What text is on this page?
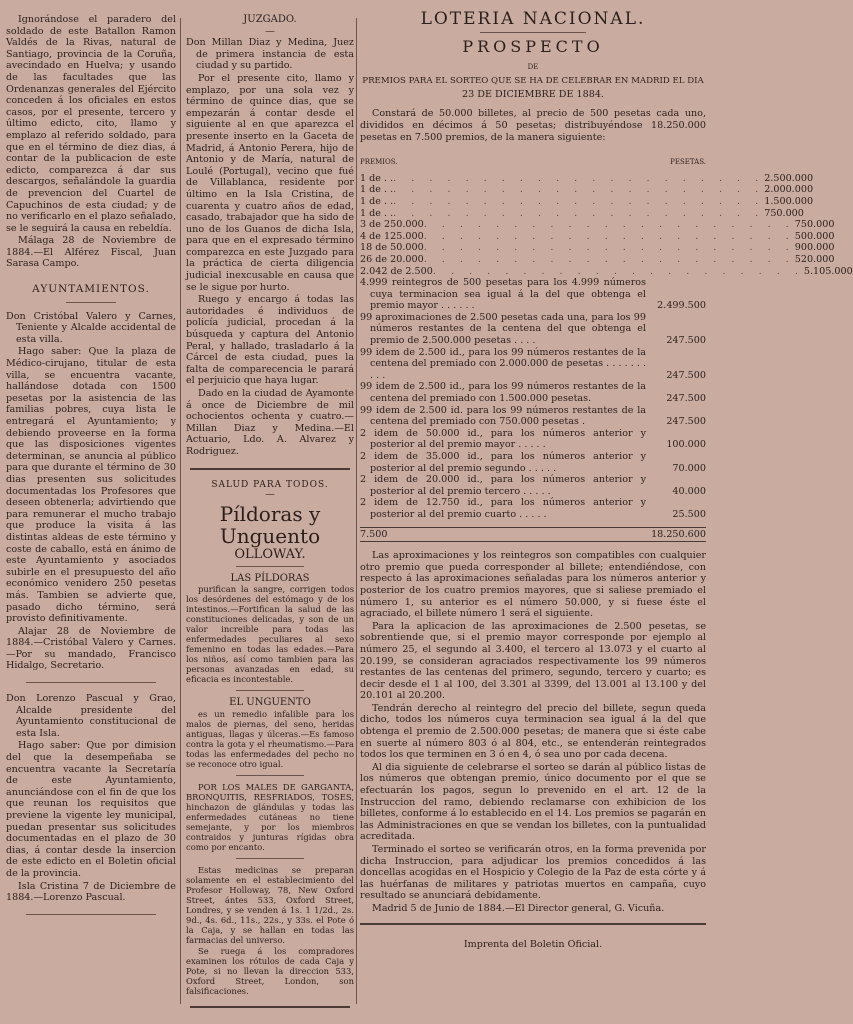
Ignorándose el paradero del soldado de este Batallon Ramon Valdés de la Rivas, natural de Santiago, provincia de la Coruña, avecindado en Huelva; y usando de las facultades que las Ordenanzas generales del Ejército conceden á los oficiales en estos casos, por el presente, tercero y último edicto, cito, llamo y emplazo al referido soldado, para que en el término de diez dias, á contar de la publicacion de este edicto, comparezca á dar sus descargos, señalándole la guardia de prevencion del Cuartel de Capuchinos de esta ciudad; y de no verificarlo en el plazo señalado, se le seguirá la causa en rebeldía.

Málaga 28 de Noviembre de 1884.—El Alférez Fiscal, Juan Sarasa Campo.

AYUNTAMIENTOS.

Don Cristóbal Valero y Carnes, Teniente y Alcalde accidental de esta villa.

Hago saber: Que la plaza de Médico-cirujano, titular de esta villa, se encuentra vacante, hallándose dotada con 1500 pesetas por la asistencia de las familias pobres, cuya lista le entregará el Ayuntamiento; y debiendo proveerse en la forma que las disposiciones vigentes determinan, se anuncia al público para que durante el término de 30 dias presenten sus solicitudes documentadas los Profesores que deseen obtenerla; advirtiendo que para remunerar el mucho trabajo que produce la visita á las distintas aldeas de este término y coste de caballo, está en ánimo de este Ayuntamiento y asociados subirle en el presupuesto del año económico venidero 250 pesetas más. Tambien se advierte que, pasado dicho término, será provisto definitivamente.

Alajar 28 de Noviembre de 1884.—Cristóbal Valero y Carnes.—Por su mandado, Francisco Hidalgo, Secretario.

Don Lorenzo Pascual y Grao, Alcalde presidente del Ayuntamiento constitucional de esta Isla.

Hago saber: Que por dimision del que la desempeñaba se encuentra vacante la Secretaría de este Ayuntamiento, anunciándose con el fin de que los que reunan los requisitos que previene la vigente ley municipal, puedan presentar sus solicitudes documentadas en el plazo de 30 dias, á contar desde la insercion de este edicto en el Boletin oficial de la provincia.

Isla Cristina 7 de Diciembre de 1884.—Lorenzo Pascual.

JUZGADO.
—

Don Millan Diaz y Medina, Juez de primera instancia de esta ciudad y su partido.

Por el presente cito, llamo y emplazo, por una sola vez y término de quince dias, que se empezarán á contar desde el siguiente al en que aparezca el presente inserto en la Gaceta de Madrid, á Antonio Perera, hijo de Antonio y de María, natural de Loulé (Portugal), vecino que fué de Villablanca, residente por último en la Isla Cristina, de cuarenta y cuatro años de edad, casado, trabajador que ha sido de uno de los Guanos de dicha Isla, para que en el expresado término comparezca en este Juzgado para la práctica de cierta diligencia judicial inexcusable en causa que se le sigue por hurto.

Ruego y encargo á todas las autoridades é individuos de policía judicial, procedan á la búsqueda y captura del Antonio Peral, y hallado, trasladarlo á la Cárcel de esta ciudad, pues la falta de comparecencia le parará el perjuicio que haya lugar.

Dado en la ciudad de Ayamonte á once de Diciembre de mil ochocientos ochenta y cuatro.— Millan Diaz y Medina.—El Actuario, Ldo. A. Alvarez y Rodriguez.

SALUD PARA TODOS.
—
Píldoras y Unguento
OLLOWAY.
LAS PÍLDORAS

purifican la sangre, corrigen todos los desórdenes del estómago y de los intestinos.—Fortifican la salud de las constituciones delicadas, y son de un valor increible para todas las enfermedades peculiares al sexo femenino en todas las edades.—Para los niños, así como tambien para las personas avanzadas en edad, su eficacia es incontestable.

EL UNGUENTO

es un remedio infalible para los malos de piernas, del seno, heridas antiguas, llagas y úlceras.—Es famoso contra la gota y el rheumatismo.—Para todas las enfermedades del pecho no se reconoce otro igual.

POR LOS MALES DE GARGANTA, BRONQUITIS, RESFRIADOS, TOSES, hinchazon de glándulas y todas las enfermedades cutáneas no tiene semejante, y por los miembros contraidos y junturas rígidas obra como por encanto.

Estas medicinas se preparan solamente en el establecimiento del Profesor Holloway, 78, New Oxford Street, ántes 533, Oxford Street, Londres, y se venden á 1s. 1 1/2d., 2s. 9d., 4s. 6d., 11s., 22s., y 33s. el Pote ó la Caja, y se hallan en todas las farmacias del universo.

Se ruega á los compradores examinen los rótulos de cada Caja y Pote, si no llevan la direccion 533, Oxford Street, London, son falsificaciones.

LOTERIA NACIONAL.
PROSPECTO
DE
PREMIOS PARA EL SORTEO QUE SE HA DE CELEBRAR EN MADRID EL DIA
23 DE DICIEMBRE DE 1884.

Constará de 50.000 billetes, al precio de 500 pesetas cada uno, divididos en décimos á 50 pesetas; distribuyéndose 18.250.000 pesetas en 7.500 premios, de la manera siguiente:

PREMIOS.	PESETAS.
1 de . . . . . . . . . . . . . . . . . . . . . . . 2.500.000
1 de . . . . . . . . . . . . . . . . . . . . . . . 2.000.000
1 de . . . . . . . . . . . . . . . . . . . . . . . 1.500.000
1 de . . . . . . . . . . . . . . . . . . . . . . . 750.000
3 de 250.000 . . . . . . . . . . . . . . . . . . . . . 750.000
4 de 125.000 . . . . . . . . . . . . . . . . . . . . . 500.000
18 de 50.000 . . . . . . . . . . . . . . . . . . . . . 900.000
26 de 20.000 . . . . . . . . . . . . . . . . . . . . . 520.000
2.042 de 2.500 . . . . . . . . . . . . . . . . . . . . . 5.105.000
4.999 reintegros de 500 pesetas para los 4.999 números cuya terminacion sea igual á la del que obtenga el premio mayor . . . . . .	2.499.500
99 aproximaciones de 2.500 pesetas cada una, para los 99 números restantes de la centena del que obtenga el premio de 2.500.000 pesetas . . . .	247.500
99 idem de 2.500 id., para los 99 números restantes de la centena del premiado con 2.000.000 de pesetas . . . . . . . . . .	247.500
99 idem de 2.500 id., para los 99 números restantes de la centena del premiado con 1.500.000 pesetas.	247.500
99 idem de 2.500 id. para los 99 números restantes de la centena del premiado con 750.000 pesetas .	247.500
2 idem de 50.000 id., para los números anterior y posterior al del premio mayor . . . . .	100.000
2 idem de 35.000 id., para los números anterior y posterior al del premio segundo . . . . .	70.000
2 idem de 20.000 id., para los números anterior y posterior al del premio tercero . . . . .	40.000
2 idem de 12.750 id., para los números anterior y posterior al del premio cuarto . . . . .	25.500
7.500	18.250.600

Las aproximaciones y los reintegros son compatibles con cualquier otro premio que pueda corresponder al billete; entendiéndose, con respecto á las aproximaciones señaladas para los números anterior y posterior de los cuatro premios mayores, que si saliese premiado el número 1, su anterior es el número 50.000, y si fuese éste el agraciado, el billete número 1 será el siguiente.

Para la aplicacion de las aproximaciones de 2.500 pesetas, se sobrentiende que, si el premio mayor corresponde por ejemplo al número 25, el segundo al 3.400, el tercero al 13.073 y el cuarto al 20.199, se consideran agraciados respectivamente los 99 números restantes de las centenas del primero, segundo, tercero y cuarto; es decir desde el 1 al 100, del 3.301 al 3399, del 13.001 al 13.100 y del 20.101 al 20.200.

Tendrán derecho al reintegro del precio del billete, segun queda dicho, todos los números cuya terminacion sea igual á la del que obtenga el premio de 2.500.000 pesetas; de manera que si éste cabe en suerte al número 803 ó al 804, etc., se entenderán reintegrados todos los que terminen en 3 ó en 4, ó sea uno por cada decena.

Al dia siguiente de celebrarse el sorteo se darán al público listas de los números que obtengan premio, único documento por el que se efectuarán los pagos, segun lo prevenido en el art. 12 de la Instruccion del ramo, debiendo reclamarse con exhibicion de los billetes, conforme á lo establecido en el 14. Los premios se pagarán en las Administraciones en que se vendan los billetes, con la puntualidad acreditada.

Terminado el sorteo se verificarán otros, en la forma prevenida por dicha Instruccion, para adjudicar los premios concedidos á las doncellas acogidas en el Hospicio y Colegio de la Paz de esta córte y á las huérfanas de militares y patriotas muertos en campaña, cuyo resultado se anunciará debidamente.

Madrid 5 de Junio de 1884.—El Director general, G. Vicuña.

Imprenta del Boletin Oficial.
